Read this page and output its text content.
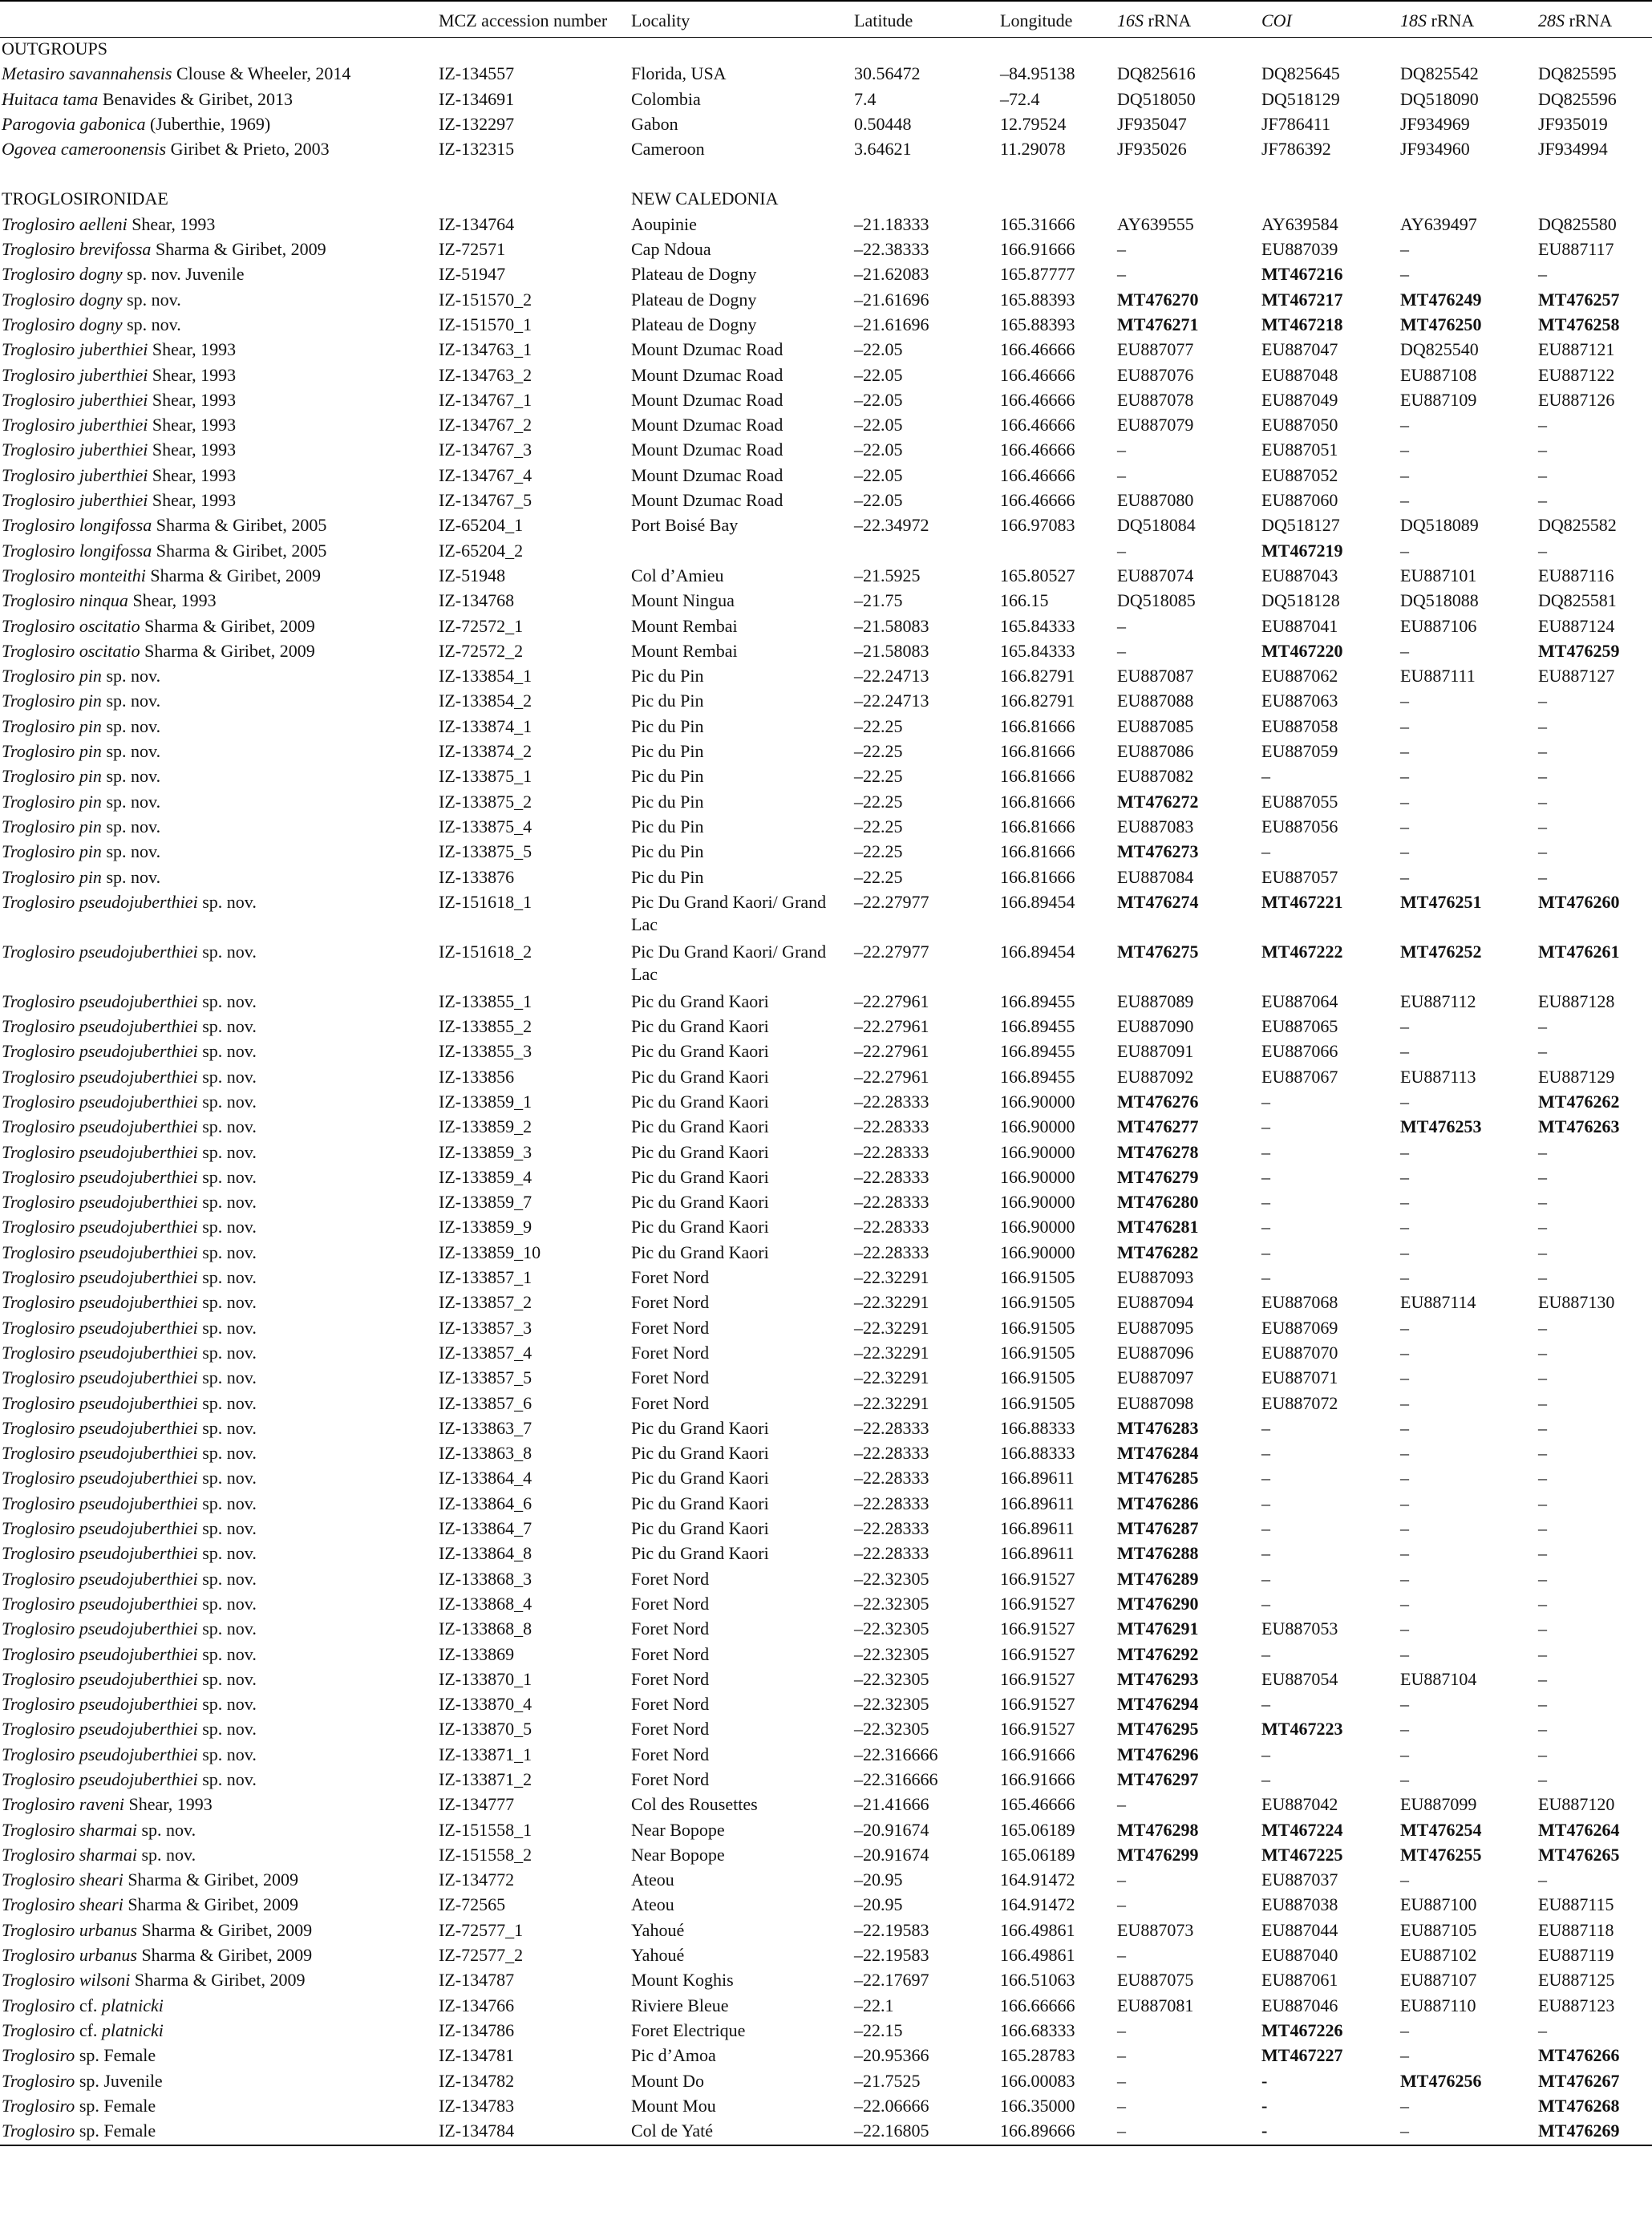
	MCZ accession number	Locality	Latitude	Longitude	16S rRNA	COI	18S rRNA	28S rRNA
OUTGROUPS								
Metasiro savannahensis Clouse & Wheeler, 2014	IZ-134557	Florida, USA	30.56472	–84.95138	DQ825616	DQ825645	DQ825542	DQ825595
Huitaca tama Benavides & Giribet, 2013	IZ-134691	Colombia	7.4	–72.4	DQ518050	DQ518129	DQ518090	DQ825596
Parogovia gabonica (Juberthie, 1969)	IZ-132297	Gabon	0.50448	12.79524	JF935047	JF786411	JF934969	JF935019
Ogovea cameroonensis Giribet & Prieto, 2003	IZ-132315	Cameroon	3.64621	11.29078	JF935026	JF786392	JF934960	JF934994

TROGLOSIRONIDAE		NEW CALEDONIA						
Troglosiro aelleni Shear, 1993	IZ-134764	Aoupinie	–21.18333	165.31666	AY639555	AY639584	AY639497	DQ825580
Troglosiro brevifossa Sharma & Giribet, 2009	IZ-72571	Cap Ndoua	–22.38333	166.91666	–	EU887039	–	EU887117
Troglosiro dogny sp. nov. Juvenile	IZ-51947	Plateau de Dogny	–21.62083	165.87777	–	MT467216	–	–
Troglosiro dogny sp. nov.	IZ-151570_2	Plateau de Dogny	–21.61696	165.88393	MT476270	MT467217	MT476249	MT476257
Troglosiro dogny sp. nov.	IZ-151570_1	Plateau de Dogny	–21.61696	165.88393	MT476271	MT467218	MT476250	MT476258
Troglosiro juberthiei Shear, 1993	IZ-134763_1	Mount Dzumac Road	–22.05	166.46666	EU887077	EU887047	DQ825540	EU887121
Troglosiro juberthiei Shear, 1993	IZ-134763_2	Mount Dzumac Road	–22.05	166.46666	EU887076	EU887048	EU887108	EU887122
Troglosiro juberthiei Shear, 1993	IZ-134767_1	Mount Dzumac Road	–22.05	166.46666	EU887078	EU887049	EU887109	EU887126
Troglosiro juberthiei Shear, 1993	IZ-134767_2	Mount Dzumac Road	–22.05	166.46666	EU887079	EU887050	–	–
Troglosiro juberthiei Shear, 1993	IZ-134767_3	Mount Dzumac Road	–22.05	166.46666	–	EU887051	–	–
Troglosiro juberthiei Shear, 1993	IZ-134767_4	Mount Dzumac Road	–22.05	166.46666	–	EU887052	–	–
Troglosiro juberthiei Shear, 1993	IZ-134767_5	Mount Dzumac Road	–22.05	166.46666	EU887080	EU887060	–	–
Troglosiro longifossa Sharma & Giribet, 2005	IZ-65204_1	Port Boisé Bay	–22.34972	166.97083	DQ518084	DQ518127	DQ518089	DQ825582
Troglosiro longifossa Sharma & Giribet, 2005	IZ-65204_2				–	MT467219	–	–
Troglosiro monteithi Sharma & Giribet, 2009	IZ-51948	Col d’Amieu	–21.5925	165.80527	EU887074	EU887043	EU887101	EU887116
Troglosiro ninqua Shear, 1993	IZ-134768	Mount Ningua	–21.75	166.15	DQ518085	DQ518128	DQ518088	DQ825581
Troglosiro oscitatio Sharma & Giribet, 2009	IZ-72572_1	Mount Rembai	–21.58083	165.84333	–	EU887041	EU887106	EU887124
Troglosiro oscitatio Sharma & Giribet, 2009	IZ-72572_2	Mount Rembai	–21.58083	165.84333	–	MT467220	–	MT476259
Troglosiro pin sp. nov.	IZ-133854_1	Pic du Pin	–22.24713	166.82791	EU887087	EU887062	EU887111	EU887127
Troglosiro pin sp. nov.	IZ-133854_2	Pic du Pin	–22.24713	166.82791	EU887088	EU887063	–	–
Troglosiro pin sp. nov.	IZ-133874_1	Pic du Pin	–22.25	166.81666	EU887085	EU887058	–	–
Troglosiro pin sp. nov.	IZ-133874_2	Pic du Pin	–22.25	166.81666	EU887086	EU887059	–	–
Troglosiro pin sp. nov.	IZ-133875_1	Pic du Pin	–22.25	166.81666	EU887082	–	–	–
Troglosiro pin sp. nov.	IZ-133875_2	Pic du Pin	–22.25	166.81666	MT476272	EU887055	–	–
Troglosiro pin sp. nov.	IZ-133875_4	Pic du Pin	–22.25	166.81666	EU887083	EU887056	–	–
Troglosiro pin sp. nov.	IZ-133875_5	Pic du Pin	–22.25	166.81666	MT476273	–	–	–
Troglosiro pin sp. nov.	IZ-133876	Pic du Pin	–22.25	166.81666	EU887084	EU887057	–	–
Troglosiro pseudojuberthiei sp. nov.	IZ-151618_1	Pic Du Grand Kaori/ Grand Lac	–22.27977	166.89454	MT476274	MT467221	MT476251	MT476260
Troglosiro pseudojuberthiei sp. nov.	IZ-151618_2	Pic Du Grand Kaori/ Grand Lac	–22.27977	166.89454	MT476275	MT467222	MT476252	MT476261
Troglosiro pseudojuberthiei sp. nov.	IZ-133855_1	Pic du Grand Kaori	–22.27961	166.89455	EU887089	EU887064	EU887112	EU887128
Troglosiro pseudojuberthiei sp. nov.	IZ-133855_2	Pic du Grand Kaori	–22.27961	166.89455	EU887090	EU887065	–	–
Troglosiro pseudojuberthiei sp. nov.	IZ-133855_3	Pic du Grand Kaori	–22.27961	166.89455	EU887091	EU887066	–	–
Troglosiro pseudojuberthiei sp. nov.	IZ-133856	Pic du Grand Kaori	–22.27961	166.89455	EU887092	EU887067	EU887113	EU887129
Troglosiro pseudojuberthiei sp. nov.	IZ-133859_1	Pic du Grand Kaori	–22.28333	166.90000	MT476276	–	–	MT476262
Troglosiro pseudojuberthiei sp. nov.	IZ-133859_2	Pic du Grand Kaori	–22.28333	166.90000	MT476277	–	MT476253	MT476263
Troglosiro pseudojuberthiei sp. nov.	IZ-133859_3	Pic du Grand Kaori	–22.28333	166.90000	MT476278	–	–	–
Troglosiro pseudojuberthiei sp. nov.	IZ-133859_4	Pic du Grand Kaori	–22.28333	166.90000	MT476279	–	–	–
Troglosiro pseudojuberthiei sp. nov.	IZ-133859_7	Pic du Grand Kaori	–22.28333	166.90000	MT476280	–	–	–
Troglosiro pseudojuberthiei sp. nov.	IZ-133859_9	Pic du Grand Kaori	–22.28333	166.90000	MT476281	–	–	–
Troglosiro pseudojuberthiei sp. nov.	IZ-133859_10	Pic du Grand Kaori	–22.28333	166.90000	MT476282	–	–	–
Troglosiro pseudojuberthiei sp. nov.	IZ-133857_1	Foret Nord	–22.32291	166.91505	EU887093	–	–	–
Troglosiro pseudojuberthiei sp. nov.	IZ-133857_2	Foret Nord	–22.32291	166.91505	EU887094	EU887068	EU887114	EU887130
Troglosiro pseudojuberthiei sp. nov.	IZ-133857_3	Foret Nord	–22.32291	166.91505	EU887095	EU887069	–	–
Troglosiro pseudojuberthiei sp. nov.	IZ-133857_4	Foret Nord	–22.32291	166.91505	EU887096	EU887070	–	–
Troglosiro pseudojuberthiei sp. nov.	IZ-133857_5	Foret Nord	–22.32291	166.91505	EU887097	EU887071	–	–
Troglosiro pseudojuberthiei sp. nov.	IZ-133857_6	Foret Nord	–22.32291	166.91505	EU887098	EU887072	–	–
Troglosiro pseudojuberthiei sp. nov.	IZ-133863_7	Pic du Grand Kaori	–22.28333	166.88333	MT476283	–	–	–
Troglosiro pseudojuberthiei sp. nov.	IZ-133863_8	Pic du Grand Kaori	–22.28333	166.88333	MT476284	–	–	–
Troglosiro pseudojuberthiei sp. nov.	IZ-133864_4	Pic du Grand Kaori	–22.28333	166.89611	MT476285	–	–	–
Troglosiro pseudojuberthiei sp. nov.	IZ-133864_6	Pic du Grand Kaori	–22.28333	166.89611	MT476286	–	–	–
Troglosiro pseudojuberthiei sp. nov.	IZ-133864_7	Pic du Grand Kaori	–22.28333	166.89611	MT476287	–	–	–
Troglosiro pseudojuberthiei sp. nov.	IZ-133864_8	Pic du Grand Kaori	–22.28333	166.89611	MT476288	–	–	–
Troglosiro pseudojuberthiei sp. nov.	IZ-133868_3	Foret Nord	–22.32305	166.91527	MT476289	–	–	–
Troglosiro pseudojuberthiei sp. nov.	IZ-133868_4	Foret Nord	–22.32305	166.91527	MT476290	–	–	–
Troglosiro pseudojuberthiei sp. nov.	IZ-133868_8	Foret Nord	–22.32305	166.91527	MT476291	EU887053	–	–
Troglosiro pseudojuberthiei sp. nov.	IZ-133869	Foret Nord	–22.32305	166.91527	MT476292	–	–	–
Troglosiro pseudojuberthiei sp. nov.	IZ-133870_1	Foret Nord	–22.32305	166.91527	MT476293	EU887054	EU887104	–
Troglosiro pseudojuberthiei sp. nov.	IZ-133870_4	Foret Nord	–22.32305	166.91527	MT476294	–	–	–
Troglosiro pseudojuberthiei sp. nov.	IZ-133870_5	Foret Nord	–22.32305	166.91527	MT476295	MT467223	–	–
Troglosiro pseudojuberthiei sp. nov.	IZ-133871_1	Foret Nord	–22.316666	166.91666	MT476296	–	–	–
Troglosiro pseudojuberthiei sp. nov.	IZ-133871_2	Foret Nord	–22.316666	166.91666	MT476297	–	–	–
Troglosiro raveni Shear, 1993	IZ-134777	Col des Rousettes	–21.41666	165.46666	–	EU887042	EU887099	EU887120
Troglosiro sharmai sp. nov.	IZ-151558_1	Near Bopope	–20.91674	165.06189	MT476298	MT467224	MT476254	MT476264
Troglosiro sharmai sp. nov.	IZ-151558_2	Near Bopope	–20.91674	165.06189	MT476299	MT467225	MT476255	MT476265
Troglosiro sheari Sharma & Giribet, 2009	IZ-134772	Ateou	–20.95	164.91472	–	EU887037	–	–
Troglosiro sheari Sharma & Giribet, 2009	IZ-72565	Ateou	–20.95	164.91472	–	EU887038	EU887100	EU887115
Troglosiro urbanus Sharma & Giribet, 2009	IZ-72577_1	Yahoué	–22.19583	166.49861	EU887073	EU887044	EU887105	EU887118
Troglosiro urbanus Sharma & Giribet, 2009	IZ-72577_2	Yahoué	–22.19583	166.49861	–	EU887040	EU887102	EU887119
Troglosiro wilsoni Sharma & Giribet, 2009	IZ-134787	Mount Koghis	–22.17697	166.51063	EU887075	EU887061	EU887107	EU887125
Troglosiro cf. platnicki	IZ-134766	Riviere Bleue	–22.1	166.66666	EU887081	EU887046	EU887110	EU887123
Troglosiro cf. platnicki	IZ-134786	Foret Electrique	–22.15	166.68333	–	MT467226	–	–
Troglosiro sp. Female	IZ-134781	Pic d’Amoa	–20.95366	165.28783	–	MT467227	–	MT476266
Troglosiro sp. Juvenile	IZ-134782	Mount Do	–21.7525	166.00083	–	-	MT476256	MT476267
Troglosiro sp. Female	IZ-134783	Mount Mou	–22.06666	166.35000	–	-	–	MT476268
Troglosiro sp. Female	IZ-134784	Col de Yaté	–22.16805	166.89666	–	-	–	MT476269
